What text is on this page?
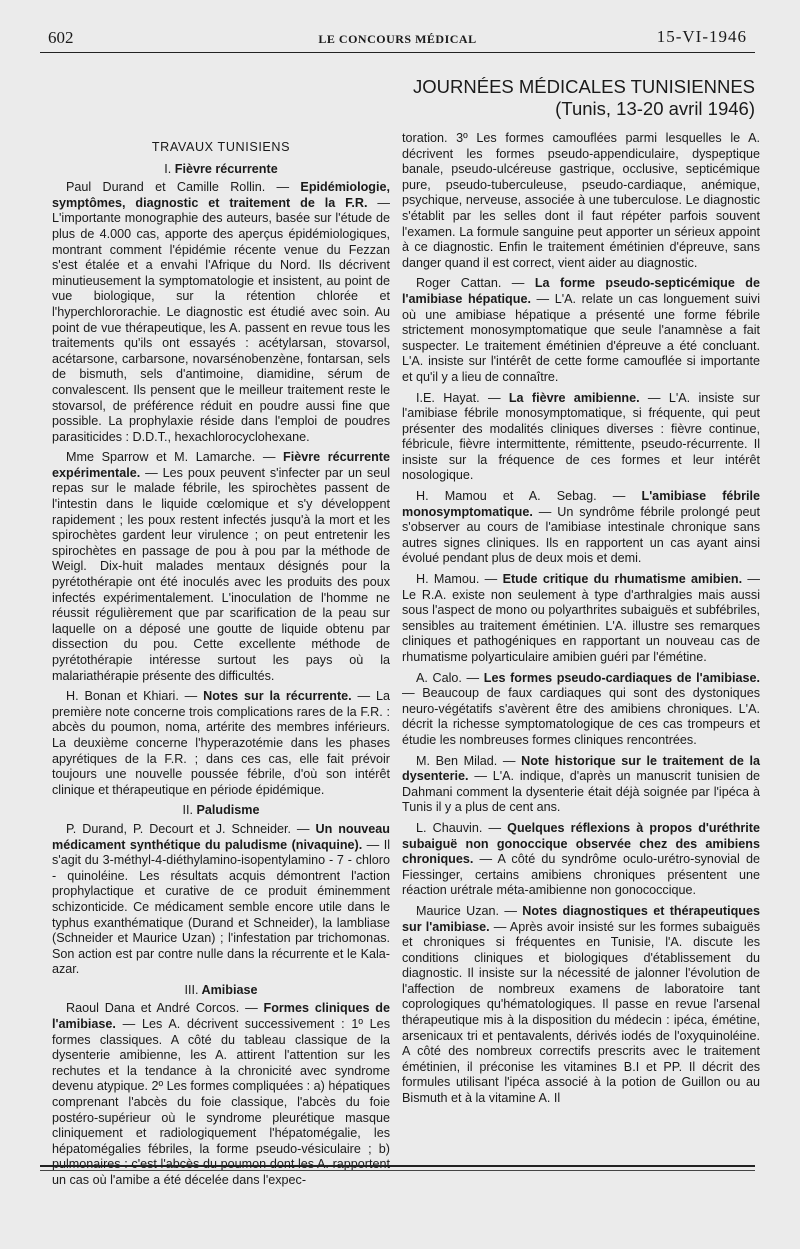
602	LE CONCOURS MÉDICAL	15-VI-1946
JOURNÉES MÉDICALES TUNISIENNES
(Tunis, 13-20 avril 1946)
TRAVAUX TUNISIENS
I. Fièvre récurrente

Paul Durand et Camille Rollin. — Epidémiologie, symptômes, diagnostic et traitement de la F.R. — L'importante monographie des auteurs, basée sur l'étude de plus de 4.000 cas, apporte des aperçus épidémiologiques, montrant comment l'épidémie récente venue du Fezzan s'est étalée et a envahi l'Afrique du Nord. Ils décrivent minutieusement la symptomatologie et insistent, au point de vue biologique, sur la rétention chlorée et l'hyperchlororachie. Le diagnostic est étudié avec soin. Au point de vue thérapeutique, les A. passent en revue tous les traitements qu'ils ont essayés : acétylarsan, stovarsol, acétarsone, carbarsone, novarsénobenzène, fontarsan, sels de bismuth, sels d'antimoine, diamidine, sérum de convalescent. Ils pensent que le meilleur traitement reste le stovarsol, de préférence réduit en poudre aussi fine que possible. La prophylaxie réside dans l'emploi de poudres parasiticides : D.D.T., hexachlorocyclohexane.

Mme Sparrow et M. Lamarche. — Fièvre récurrente expérimentale. — Les poux peuvent s'infecter par un seul repas sur le malade fébrile, les spirochètes passent de l'intestin dans le liquide cœlomique et s'y développent rapidement ; les poux restent infectés jusqu'à la mort et les spirochètes gardent leur virulence ; on peut entretenir les spirochètes en passage de pou à pou par la méthode de Weigl. Dix-huit malades mentaux désignés pour la pyrétothérapie ont été inoculés avec les produits des poux infectés expérimentalement. L'inoculation de l'homme ne réussit régulièrement que par scarification de la peau sur laquelle on a déposé une goutte de liquide obtenu par dissection du pou. Cette excellente méthode de pyrétothérapie intéresse surtout les pays où la malariathérapie présente des difficultés.

H. Bonan et Khiari. — Notes sur la récurrente. — La première note concerne trois complications rares de la F.R. : abcès du poumon, noma, artérite des membres inférieurs. La deuxième concerne l'hyperazotémie dans les phases apyrétiques de la F.R. ; dans ces cas, elle fait prévoir toujours une nouvelle poussée fébrile, d'où son intérêt clinique et thérapeutique en période épidémique.

II. Paludisme

P. Durand, P. Decourt et J. Schneider. — Un nouveau médicament synthétique du paludisme (nivaquine). — Il s'agit du 3-méthyl-4-diéthylamino-isopentylamino - 7 - chloro - quinoléine. Les résultats acquis démontrent l'action prophylactique et curative de ce produit éminemment schizonticide. Ce médicament semble encore utile dans le typhus exanthématique (Durand et Schneider), la lambliase (Schneider et Maurice Uzan) ; l'infestation par trichomonas. Son action est par contre nulle dans la récurrente et le Kala-azar.

III. Amibiase

Raoul Dana et André Corcos. — Formes cliniques de l'amibiase. — Les A. décrivent successivement : 1º Les formes classiques. A côté du tableau classique de la dysenterie amibienne, les A. attirent l'attention sur les rechutes et la tendance à la chronicité avec syndrome devenu atypique. 2º Les formes compliquées : a) hépatiques comprenant l'abcès du foie classique, l'abcès du foie postéro-supérieur où le syndrome pleurétique masque cliniquement et radiologiquement l'hépatomégalie, les hépatomégalies fébriles, la forme pseudo-vésiculaire ; b) pulmonaires : c'est l'abcès du poumon dont les A. rapportent un cas où l'amibe a été décelée dans l'expec-

toration. 3º Les formes camouflées parmi lesquelles le A. décrivent les formes pseudo-appendiculaire, dyspeptique banale, pseudo-ulcéreuse gastrique, occlusive, septicémique pure, pseudo-tuberculeuse, pseudo-cardiaque, anémique, psychique, nerveuse, associée à une tuberculose. Le diagnostic s'établit par les selles dont il faut répéter parfois souvent l'examen. La formule sanguine peut apporter un sérieux appoint à ce diagnostic. Enfin le traitement émétinien d'épreuve, sans danger quand il est correct, vient aider au diagnostic.

Roger Cattan. — La forme pseudo-septicémique de l'amibiase hépatique. — L'A. relate un cas longuement suivi où une amibiase hépatique a présenté une forme fébrile strictement monosymptomatique que seule l'anamnèse a fait suspecter. Le traitement émétinien d'épreuve a été concluant. L'A. insiste sur l'intérêt de cette forme camouflée si importante et qu'il y a lieu de connaître.

I.E. Hayat. — La fièvre amibienne. — L'A. insiste sur l'amibiase fébrile monosymptomatique, si fréquente, qui peut présenter des modalités cliniques diverses : fièvre continue, fébricule, fièvre intermittente, rémittente, pseudo-récurrente. Il insiste sur la fréquence de ces formes et leur intérêt nosologique.

H. Mamou et A. Sebag. — L'amibiase fébrile monosymptomatique. — Un syndrôme fébrile prolongé peut s'observer au cours de l'amibiase intestinale chronique sans autres signes cliniques. Ils en rapportent un cas ayant ainsi évolué pendant plus de deux mois et demi.

H. Mamou. — Etude critique du rhumatisme amibien. — Le R.A. existe non seulement à type d'arthralgies mais aussi sous l'aspect de mono ou polyarthrites subaiguës et subfébriles, sensibles au traitement émétinien. L'A. illustre ses remarques cliniques et pathogéniques en rapportant un nouveau cas de rhumatisme polyarticulaire amibien guéri par l'émétine.

A. Calo. — Les formes pseudo-cardiaques de l'amibiase. — Beaucoup de faux cardiaques qui sont des dystoniques neuro-végétatifs s'avèrent être des amibiens chroniques. L'A. décrit la richesse symptomatologique de ces cas trompeurs et étudie les nombreuses formes cliniques rencontrées.

M. Ben Milad. — Note historique sur le traitement de la dysenterie. — L'A. indique, d'après un manuscrit tunisien de Dahmani comment la dysenterie était déjà soignée par l'ipéca à Tunis il y a plus de cent ans.

L. Chauvin. — Quelques réflexions à propos d'uréthrite subaiguë non gonoccique observée chez des amibiens chroniques. — A côté du syndrôme oculo-urétro-synovial de Fiessinger, certains amibiens chroniques présentent une réaction urétrale méta-amibienne non gonococcique.

Maurice Uzan. — Notes diagnostiques et thérapeutiques sur l'amibiase. — Après avoir insisté sur les formes subaiguës et chroniques si fréquentes en Tunisie, l'A. discute les conditions cliniques et biologiques d'établissement du diagnostic. Il insiste sur la nécessité de jalonner l'évolution de l'affection de nombreux examens de laboratoire tant coprologiques qu'hématologiques. Il passe en revue l'arsenal thérapeutique mis à la disposition du médecin : ipéca, émétine, arsenicaux tri et pentavalents, dérivés iodés de l'oxyquinoléine. A côté des nombreux correctifs prescrits avec le traitement émétinien, il préconise les vitamines B.I et PP. Il décrit des formules utilisant l'ipéca associé à la potion de Guillon ou au Bismuth et à la vitamine A. Il
